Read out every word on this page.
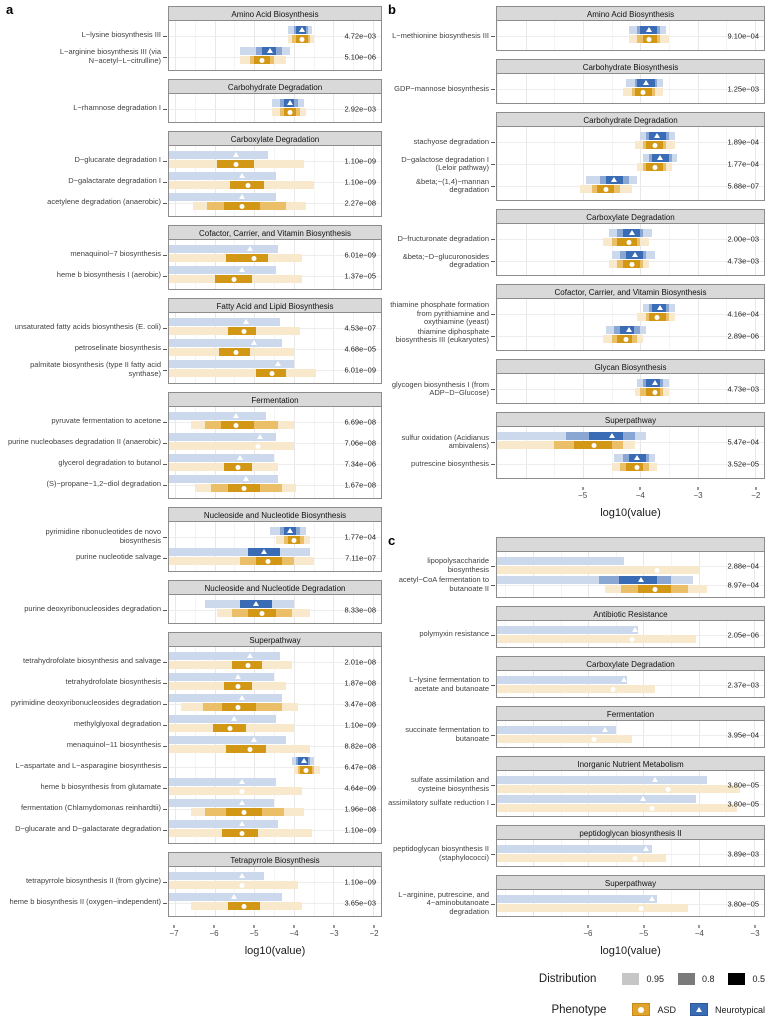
a
L−lysine biosynthesis III
L−arginine biosynthesis III (via N−acetyl−L−citrulline)
Amino Acid Biosynthesis
4.72e−03
5.10e−06
L−rhamnose degradation I
Carbohydrate Degradation
2.92e−03
D−glucarate degradation I
D−galactarate degradation I
acetylene degradation (anaerobic)
Carboxylate Degradation
1.10e−09
1.10e−09
2.27e−08
menaquinol−7 biosynthesis
heme b biosynthesis I (aerobic)
Cofactor, Carrier, and Vitamin Biosynthesis
6.01e−09
1.37e−05
unsaturated fatty acids biosynthesis (E. coli)
petroselinate biosynthesis
palmitate biosynthesis (type II fatty acid synthase)
Fatty Acid and Lipid Biosynthesis
4.53e−07
4.68e−05
6.01e−09
pyruvate fermentation to acetone
purine nucleobases degradation II (anaerobic)
glycerol degradation to butanol
(S)−propane−1,2−diol degradation
Fermentation
6.69e−08
7.06e−08
7.34e−06
1.67e−08
pyrimidine ribonucleotides de novo biosynthesis
purine nucleotide salvage
Nucleoside and Nucleotide Biosynthesis
1.77e−04
7.11e−07
purine deoxyribonucleosides degradation
Nucleoside and Nucleotide Degradation
8.33e−08
tetrahydrofolate biosynthesis and salvage
tetrahydrofolate biosynthesis
pyrimidine deoxyribonucleosides degradation
methylglyoxal degradation
menaquinol−11 biosynthesis
L−aspartate and L−asparagine biosynthesis
heme b biosynthesis from glutamate
fermentation (Chlamydomonas reinhardtii)
D−glucarate and D−galactarate degradation
Superpathway
2.01e−08
1.87e−08
3.47e−08
1.10e−09
8.82e−08
6.47e−08
4.64e−09
1.96e−08
1.10e−09
tetrapyrrole biosynthesis II (from glycine)
heme b biosynthesis II (oxygen−independent)
Tetrapyrrole Biosynthesis
1.10e−09
3.65e−03
−7	−6	−5	−4	−3	−2
log10(value)
b
L−methionine biosynthesis III
Amino Acid Biosynthesis
9.10e−04
GDP−mannose biosynthesis
Carbohydrate Biosynthesis
1.25e−03
stachyose degradation
D−galactose degradation I (Leloir pathway)
&beta;−(1,4)−mannan degradation
Carbohydrate Degradation
1.89e−04
1.77e−04
5.88e−07
D−fructuronate degradation
&beta;−D−glucuronosides degradation
Carboxylate Degradation
2.00e−03
4.73e−03
thiamine phosphate formation from pyrithiamine and oxythiamine (yeast)
thiamine diphosphate biosynthesis III (eukaryotes)
Cofactor, Carrier, and Vitamin Biosynthesis
4.16e−04
2.89e−06
glycogen biosynthesis I (from ADP−D−Glucose)
Glycan Biosynthesis
4.73e−03
sulfur oxidation (Acidianus ambivalens)
putrescine biosynthesis
Superpathway
5.47e−04
3.52e−05
−5	−4	−3	−2
log10(value)
c
lipopolysaccharide biosynthesis
acetyl−CoA fermentation to butanoate II
2.88e−04
8.97e−04
polymyxin resistance
Antibiotic Resistance
2.05e−06
L−lysine fermentation to acetate and butanoate
Carboxylate Degradation
2.37e−03
succinate fermentation to butanoate
Fermentation
3.95e−04
sulfate assimilation and cysteine biosynthesis
assimilatory sulfate reduction I
Inorganic Nutrient Metabolism
3.80e−05
3.80e−05
peptidoglycan biosynthesis II (staphylococci)
peptidoglycan biosynthesis II
3.89e−03
L−arginine, putrescine, and 4−aminobutanoate degradation
Superpathway
3.80e−05
−6	−5	−4	−3
log10(value)
Distribution	0.95	0.8	0.5
Phenotype	ASD	Neurotypical
